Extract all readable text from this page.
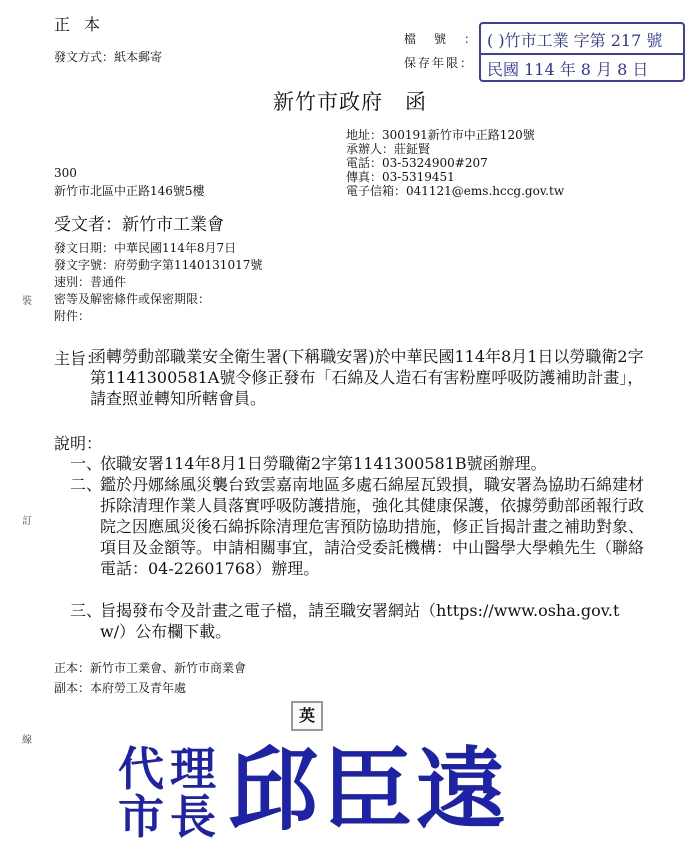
正本
發文方式：紙本郵寄
檔號：
保存年限：
( )竹市工業 字第 217 號
民國 114 年 8 月 8 日
新竹市政府　函
地址：300191新竹市中正路120號
承辦人：莊鉦賢
電話：03-5324900#207
傳真：03-5319451
電子信箱：041121@ems.hccg.gov.tw
300
新竹市北區中正路146號5樓
受文者：新竹市工業會
發文日期：中華民國114年8月7日
發文字號：府勞動字第1140131017號
速別：普通件
密等及解密條件或保密期限：
附件：
主旨：
函轉勞動部職業安全衛生署(下稱職安署)於中華民國114年8月1日以勞職衛2字第1141300581A號令修正發布「石綿及人造石有害粉塵呼吸防護補助計畫」，請查照並轉知所轄會員。
說明：
一、
依職安署114年8月1日勞職衛2字第1141300581B號函辦理。
二、
鑑於丹娜絲風災襲台致雲嘉南地區多處石綿屋瓦毀損，職安署為協助石綿建材拆除清理作業人員落實呼吸防護措施，強化其健康保護，依據勞動部函報行政院之因應風災後石綿拆除清理危害預防協助措施，修正旨揭計畫之補助對象、項目及金額等。申請相關事宜，請洽受委託機構：中山醫學大學賴先生（聯絡電話：04-22601768）辦理。
三、
旨揭發布令及計畫之電子檔，請至職安署網站（https://www.osha.gov.tw/）公布欄下載。
正本：新竹市工業會、新竹市商業會
副本：本府勞工及青年處
裝
訂
線
英
代理
市長 邱臣遠
